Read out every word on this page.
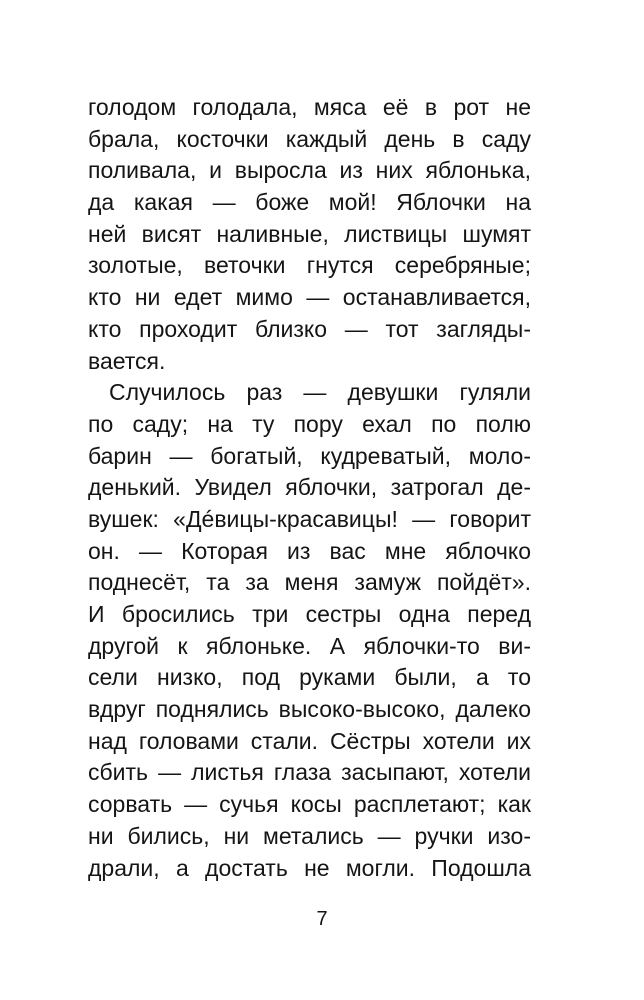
голодом голодала, мяса её в рот не
брала, косточки каждый день в саду
поливала, и выросла из них яблонька,
да какая — боже мой! Яблочки на
ней висят наливные, листвицы шумят
золотые, веточки гнутся серебряные;
кто ни едет мимо — останавливается,
кто проходит близко — тот загляды-
вается.
Случилось раз — девушки гуляли
по саду; на ту пору ехал по полю
барин — богатый, кудреватый, моло-
денький. Увидел яблочки, затрогал де-
вушек: «Дéвицы-красавицы! — говорит
он. — Которая из вас мне яблочко
поднесёт, та за меня замуж пойдёт».
И бросились три сестры одна перед
другой к яблоньке. А яблочки-то ви-
сели низко, под руками были, а то
вдруг поднялись высоко-высоко, далеко
над головами стали. Сёстры хотели их
сбить — листья глаза засыпают, хотели
сорвать — сучья косы расплетают; как
ни бились, ни метались — ручки изо-
драли, а достать не могли. Подошла
7
